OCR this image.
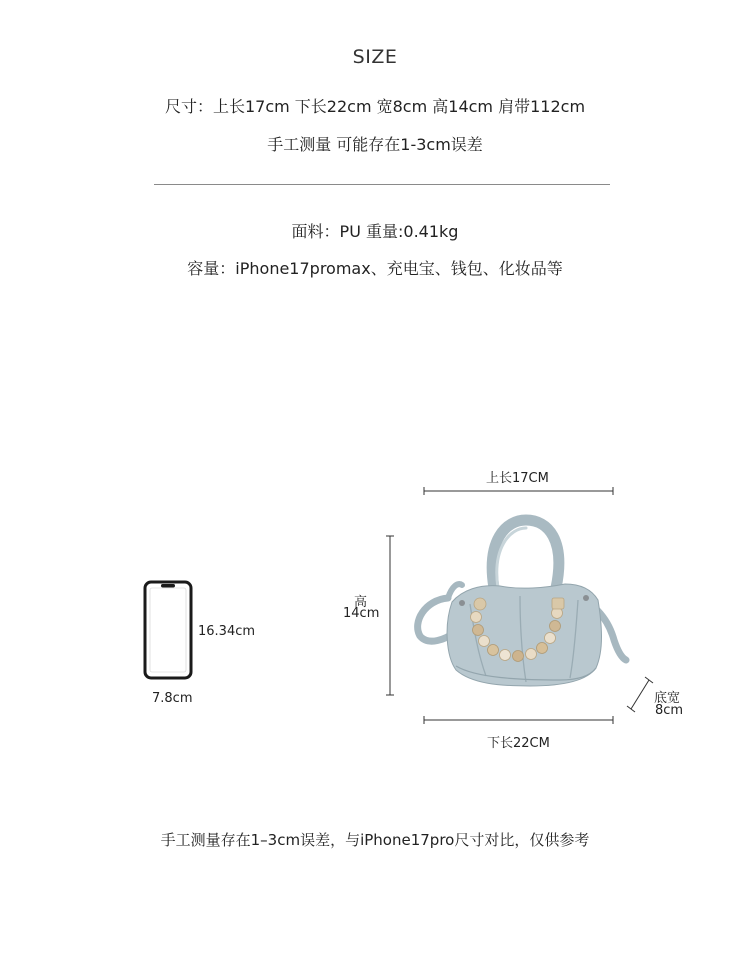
SIZE
尺寸：上长17cm 下长22cm 宽8cm 高14cm 肩带112cm
手工测量 可能存在1-3cm误差
面料：PU 重量:0.41kg
容量：iPhone17promax、充电宝、钱包、化妆品等
16.34cm
7.8cm
上长17CM
高
14cm
底宽
8cm
下长22CM
手工测量存在1–3cm误差，与iPhone17pro尺寸对比，仅供参考
